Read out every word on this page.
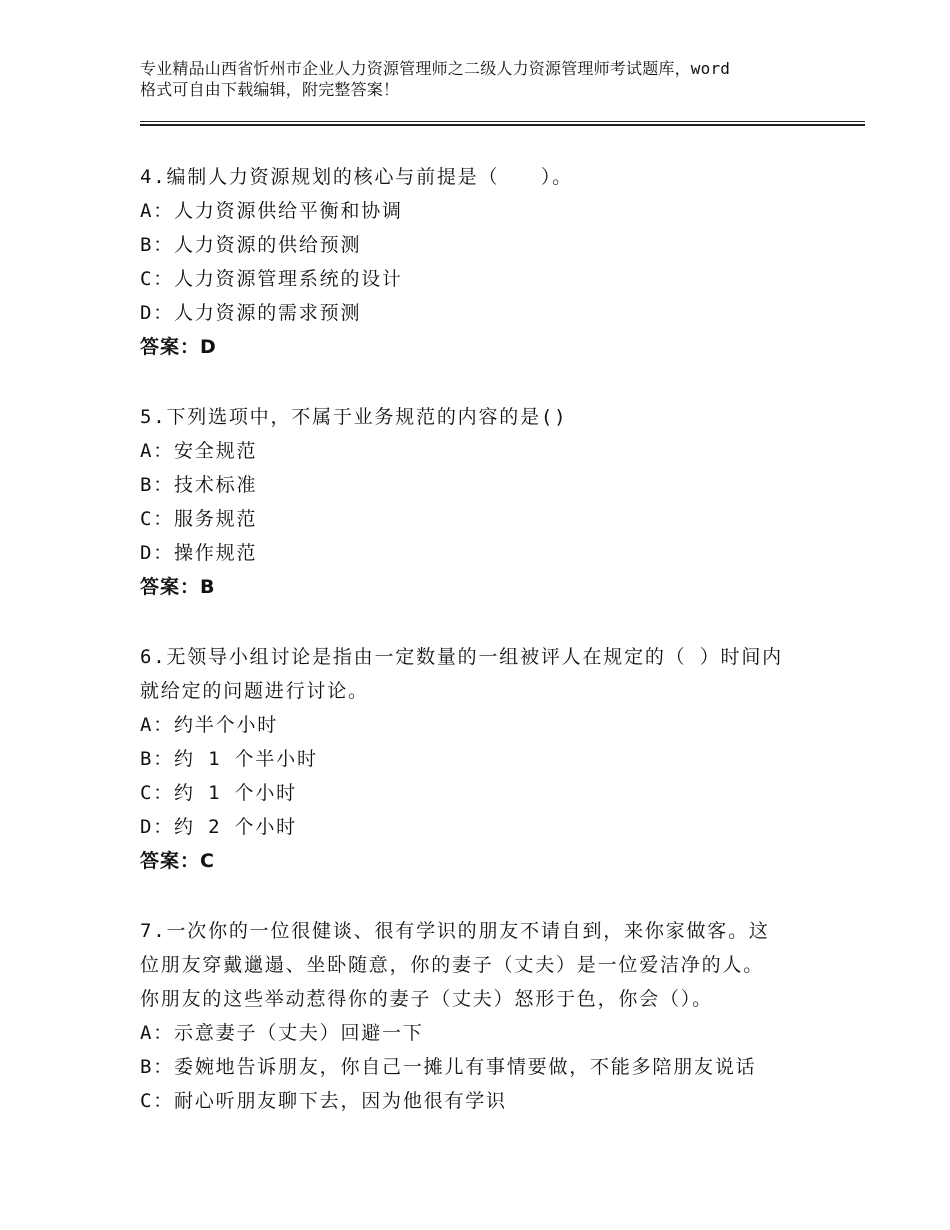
专业精品山西省忻州市企业人力资源管理师之二级人力资源管理师考试题库，word
格式可自由下载编辑，附完整答案！
4.编制人力资源规划的核心与前提是（　　）。
A：人力资源供给平衡和协调
B：人力资源的供给预测
C：人力资源管理系统的设计
D：人力资源的需求预测
答案：D
5.下列选项中，不属于业务规范的内容的是()
A：安全规范
B：技术标准
C：服务规范
D：操作规范
答案：B
6.无领导小组讨论是指由一定数量的一组被评人在规定的（ ）时间内
就给定的问题进行讨论。
A：约半个小时
B：约 1 个半小时
C：约 1 个小时
D：约 2 个小时
答案：C
7.一次你的一位很健谈、很有学识的朋友不请自到，来你家做客。这
位朋友穿戴邋遢、坐卧随意，你的妻子（丈夫）是一位爱洁净的人。
你朋友的这些举动惹得你的妻子（丈夫）怒形于色，你会（）。
A：示意妻子（丈夫）回避一下
B：委婉地告诉朋友，你自己一摊儿有事情要做，不能多陪朋友说话
C：耐心听朋友聊下去，因为他很有学识
